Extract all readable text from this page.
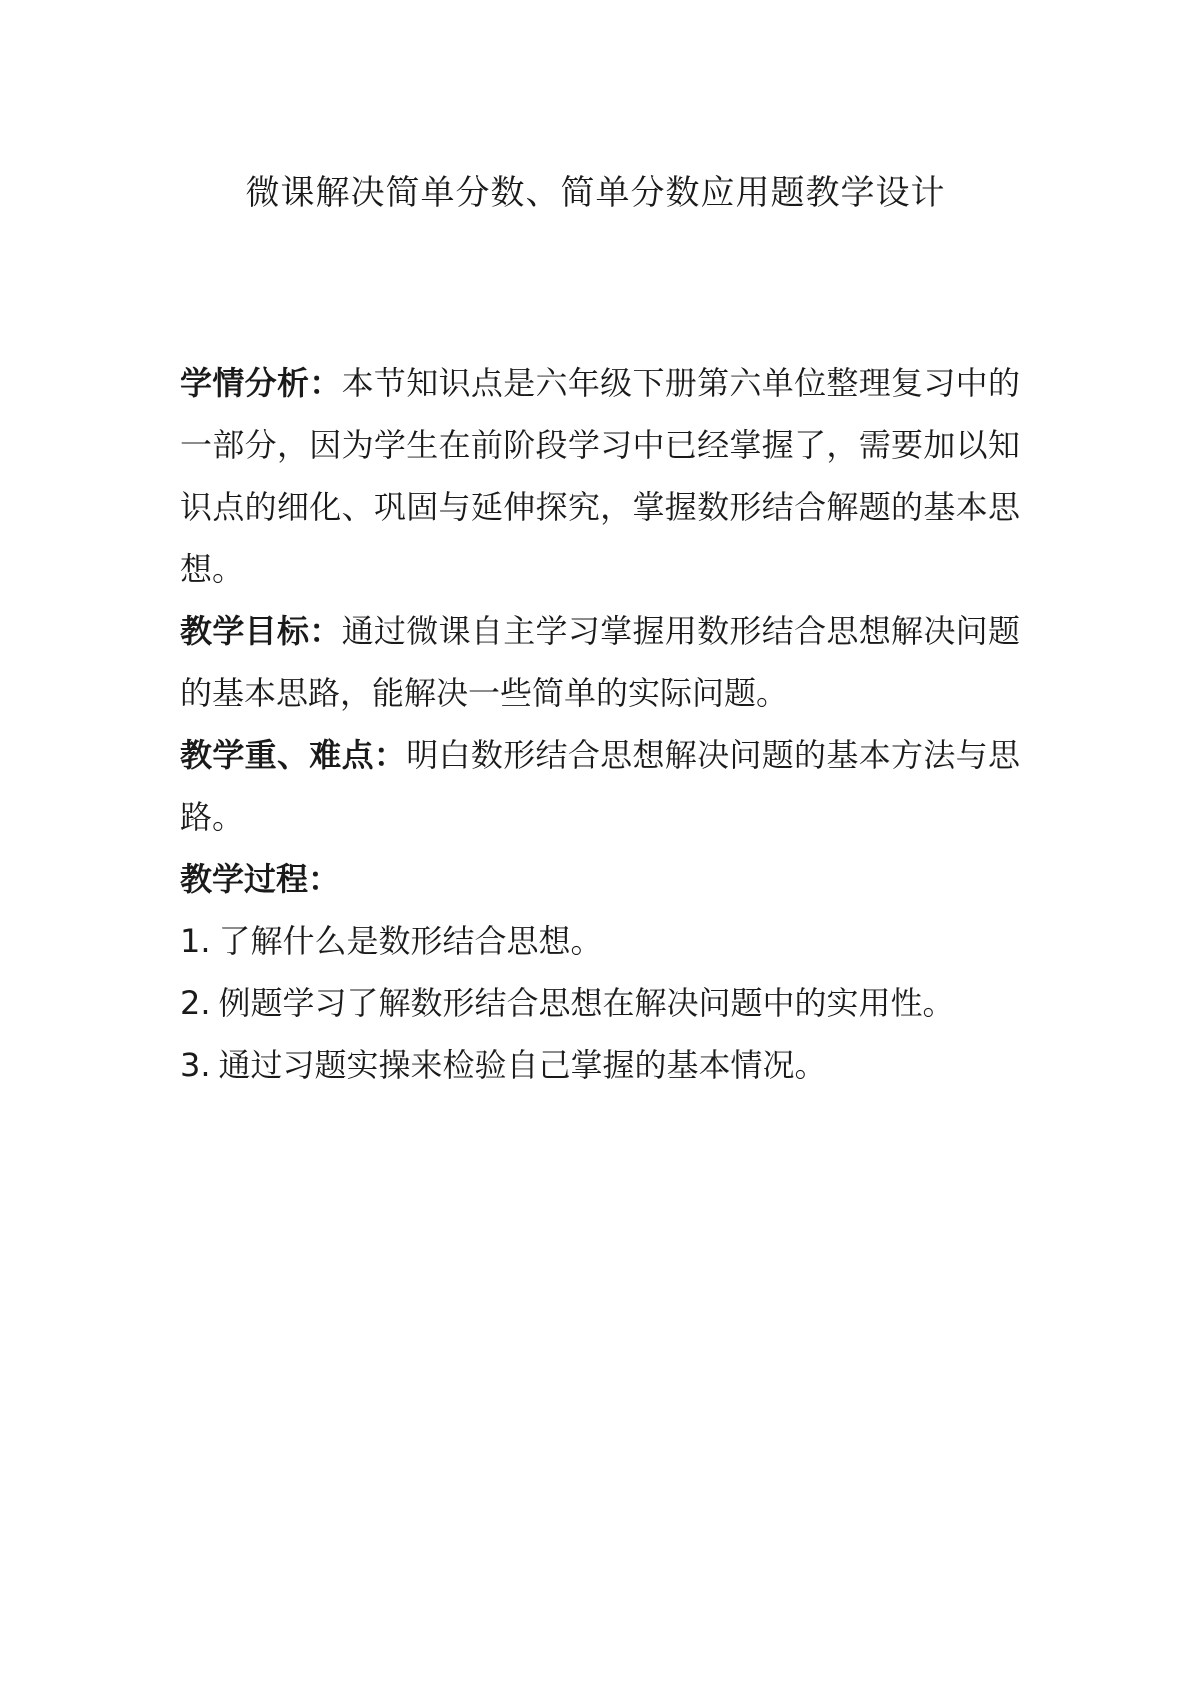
微课解决简单分数、简单分数应用题教学设计

学情分析：本节知识点是六年级下册第六单位整理复习中的一部分，因为学生在前阶段学习中已经掌握了，需要加以知识点的细化、巩固与延伸探究，掌握数形结合解题的基本思想。

教学目标：通过微课自主学习掌握用数形结合思想解决问题的基本思路，能解决一些简单的实际问题。

教学重、难点：明白数形结合思想解决问题的基本方法与思路。

教学过程：

1. 了解什么是数形结合思想。

2. 例题学习了解数形结合思想在解决问题中的实用性。

3. 通过习题实操来检验自己掌握的基本情况。
